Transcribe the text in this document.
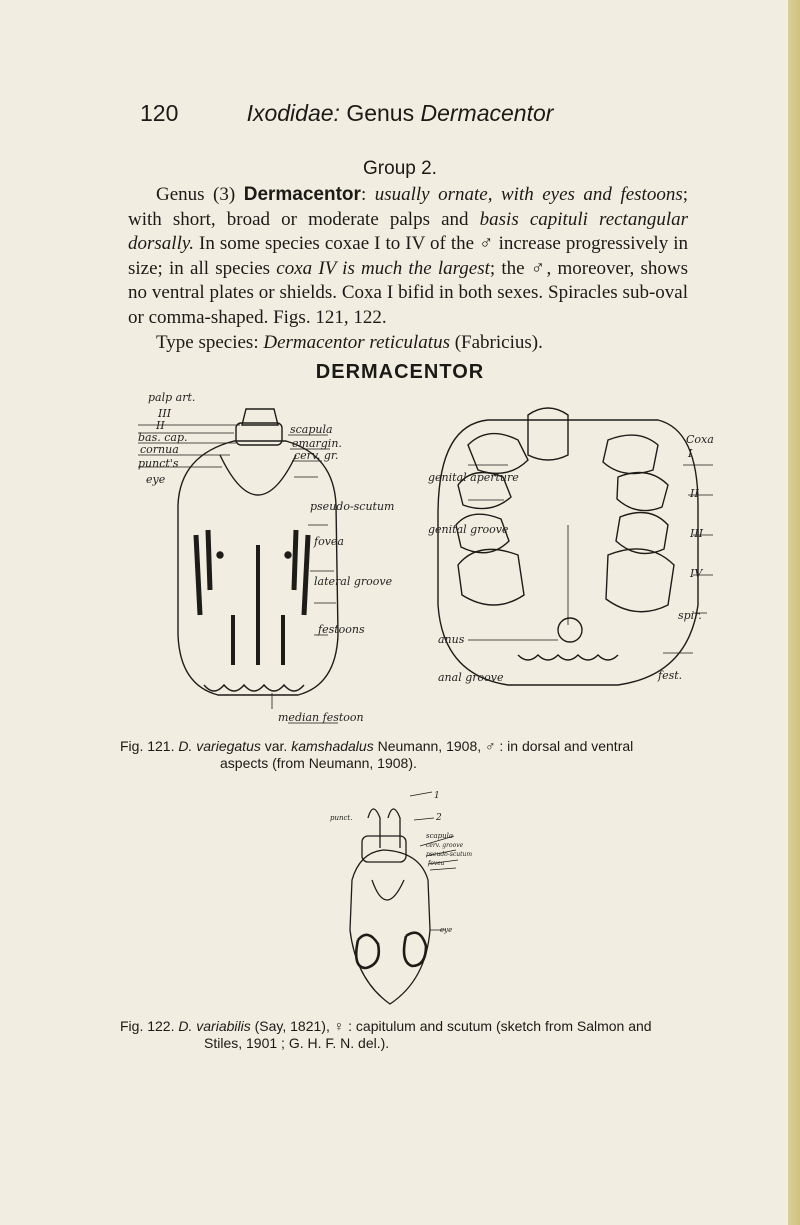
120	Ixodidae: Genus Dermacentor
Group 2.

Genus (3) Dermacentor: usually ornate, with eyes and festoons; with short, broad or moderate palps and basis capituli rectangular dorsally. In some species coxae I to IV of the ♂ increase progressively in size; in all species coxa IV is much the largest; the ♂, moreover, shows no ventral plates or shields. Coxa I bifid in both sexes. Spiracles sub-oval or comma-shaped. Figs. 121, 122.

Type species: Dermacentor reticulatus (Fabricius).

DERMACENTOR
palp art.
III
II
bas. cap.
cornua
punct's
eye
scapula
emargin.
cerv. gr.
pseudo-scutum
fovea
lateral groove
festoons
median festoon
Coxa
I
II
III
IV
genital aperture
genital groove
spir.
anus
anal groove	fest.
Fig. 121. D. variegatus var. kamshadalus Neumann, 1908, ♂ : in dorsal and ventral
aspects (from Neumann, 1908).
1
2
punct.
scapula
cerv. groove
pseudo-scutum
fovea
eye
Fig. 122. D. variabilis (Say, 1821), ♀ : capitulum and scutum (sketch from Salmon and
Stiles, 1901 ; G. H. F. N. del.).
